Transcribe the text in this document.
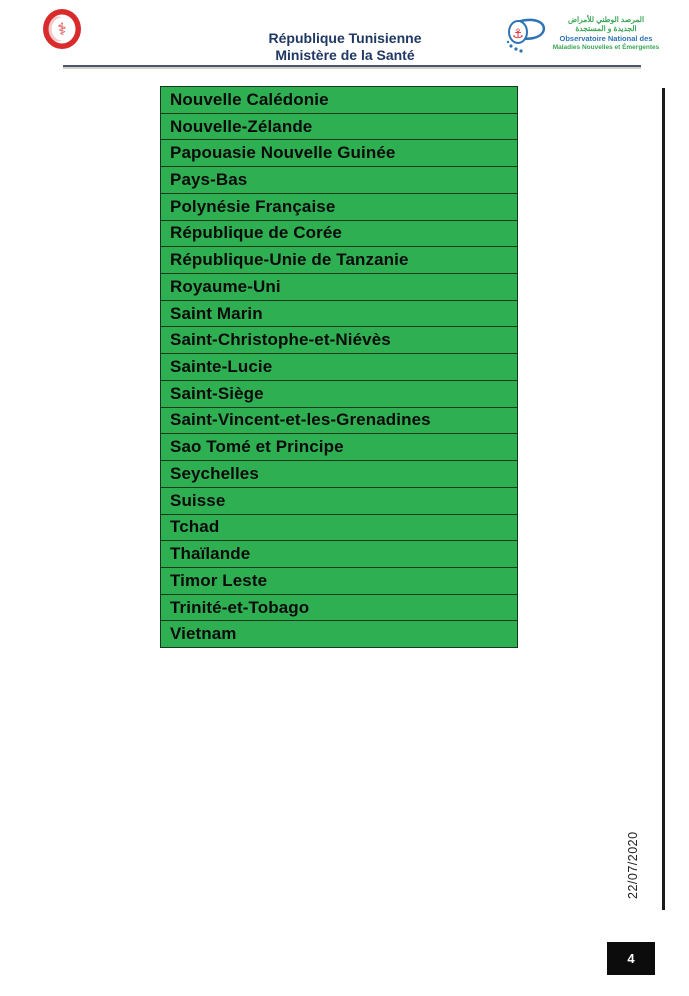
⚕	République Tunisienne
Ministère de la Santé
⚓
المرصد الوطني للأمراض
الجديدة و المستجدة
Observatoire National des
Maladies Nouvelles et Émergentes
Nouvelle Calédonie
Nouvelle-Zélande
Papouasie Nouvelle Guinée
Pays-Bas
Polynésie Française
République de Corée
République-Unie de Tanzanie
Royaume-Uni
Saint Marin
Saint-Christophe-et-Niévès
Sainte-Lucie
Saint-Siège
Saint-Vincent-et-les-Grenadines
Sao Tomé et Principe
Seychelles
Suisse
Tchad
Thaïlande
Timor Leste
Trinité-et-Tobago
Vietnam
22/07/2020
4
